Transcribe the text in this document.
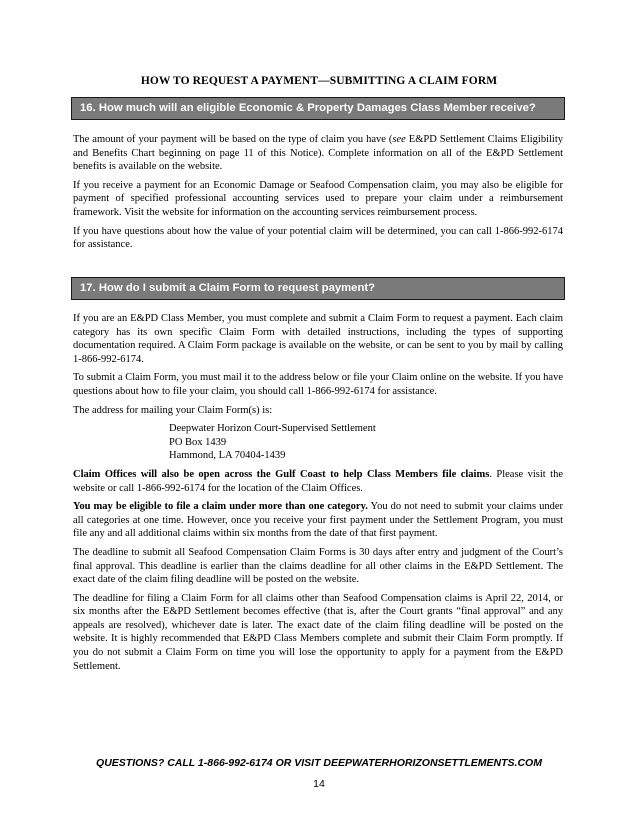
HOW TO REQUEST A PAYMENT—SUBMITTING A CLAIM FORM
16. How much will an eligible Economic & Property Damages Class Member receive?

The amount of your payment will be based on the type of claim you have (see E&PD Settlement Claims Eligibility and Benefits Chart beginning on page 11 of this Notice). Complete information on all of the E&PD Settlement benefits is available on the website.

If you receive a payment for an Economic Damage or Seafood Compensation claim, you may also be eligible for payment of specified professional accounting services used to prepare your claim under a reimbursement framework. Visit the website for information on the accounting services reimbursement process.

If you have questions about how the value of your potential claim will be determined, you can call 1-866-992-6174 for assistance.

17. How do I submit a Claim Form to request payment?

If you are an E&PD Class Member, you must complete and submit a Claim Form to request a payment. Each claim category has its own specific Claim Form with detailed instructions, including the types of supporting documentation required. A Claim Form package is available on the website, or can be sent to you by mail by calling 1-866-992-6174.

To submit a Claim Form, you must mail it to the address below or file your Claim online on the website. If you have questions about how to file your claim, you should call 1-866-992-6174 for assistance.

The address for mailing your Claim Form(s) is:

Deepwater Horizon Court-Supervised Settlement
PO Box 1439
Hammond, LA 70404-1439

Claim Offices will also be open across the Gulf Coast to help Class Members file claims. Please visit the website or call 1-866-992-6174 for the location of the Claim Offices.

You may be eligible to file a claim under more than one category. You do not need to submit your claims under all categories at one time. However, once you receive your first payment under the Settlement Program, you must file any and all additional claims within six months from the date of that first payment.

The deadline to submit all Seafood Compensation Claim Forms is 30 days after entry and judgment of the Court’s final approval. This deadline is earlier than the claims deadline for all other claims in the E&PD Settlement. The exact date of the claim filing deadline will be posted on the website.

The deadline for filing a Claim Form for all claims other than Seafood Compensation claims is April 22, 2014, or six months after the E&PD Settlement becomes effective (that is, after the Court grants “final approval” and any appeals are resolved), whichever date is later. The exact date of the claim filing deadline will be posted on the website. It is highly recommended that E&PD Class Members complete and submit their Claim Form promptly. If you do not submit a Claim Form on time you will lose the opportunity to apply for a payment from the E&PD Settlement.

QUESTIONS? CALL 1-866-992-6174 OR VISIT DEEPWATERHORIZONSETTLEMENTS.COM
14
